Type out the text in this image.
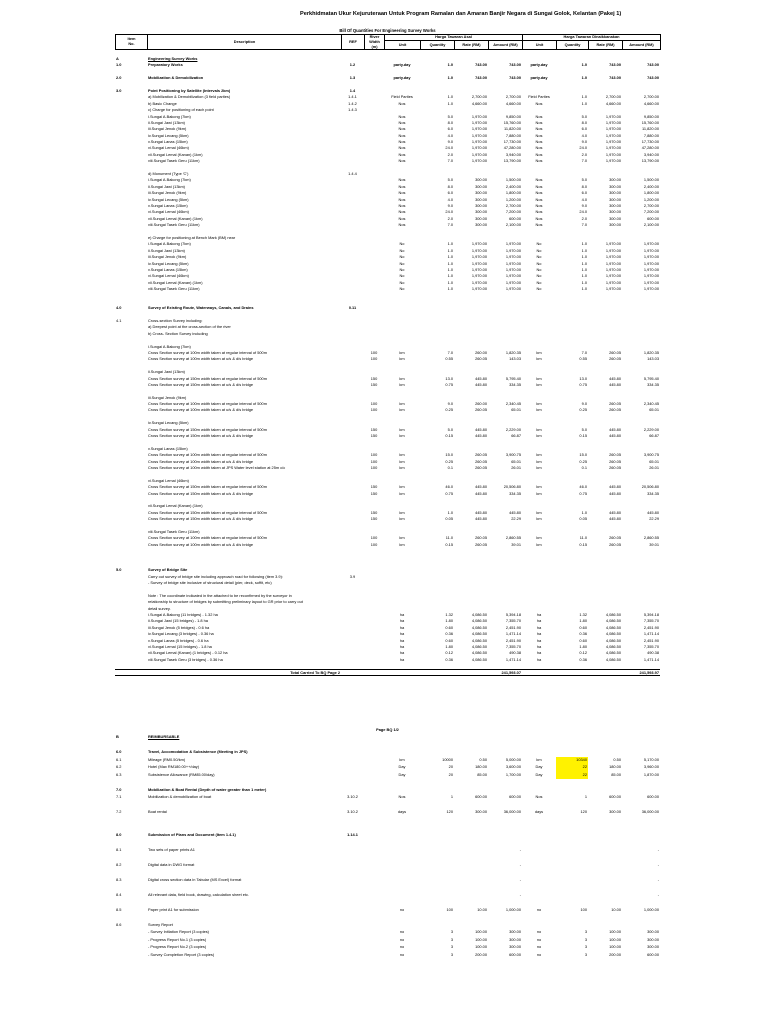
Perkhidmatan Ukur Kejuruteraan Untuk Program Ramalan dan Amaran Banjir Negara di Sungai Golok, Kelantan (Pakej 1)
Bill Of Quantities For Engineering Survey Works
Item
No.	Description	REF	River Width (m)	Harga Tawaran Asal				Harga Tawaran Dinaikkanakan			
				Unit	Quantity	Rate (RM)	Amount (RM)	Unit	Quantity	Rate (RM)	Amount (RM)

A	Engineering Survey Works										
1.0	Preparatory Works	1.2		party.day	1.0	743.00	743.00	party.day	1.0	743.00	743.00

2.0	Mobilization & Demobilization	1.3		party.day	1.0	743.00	743.00	party.day	1.0	743.00	743.00

3.0	Point Positioning by Satellite (Intervals 2km)	1.4									
	a) Mobilization & Demobilization (3 field parties)	1.4.1		Field Parties	1.0	2,700.00	2,700.00	Field Parties	1.0	2,700.00	2,700.00
	b) Basic Change	1.4.2		Nos	1.0	4,660.00	4,660.00	Nos	1.0	4,660.00	4,660.00
	c) Charge for positioning of each point	1.4.3									
	i.Sungai A.Bakong (7km)			Nos	5.0	1,970.00	9,850.00	Nos	5.0	1,970.00	9,850.00
	ii.Sungai Jawi (13km)			Nos	8.0	1,970.00	15,760.00	Nos	8.0	1,970.00	15,760.00
	iii.Sungai Jenok (9km)			Nos	6.0	1,970.00	11,820.00	Nos	6.0	1,970.00	11,820.00
	iv.Sungai Lecang (5km)			Nos	4.0	1,970.00	7,880.00	Nos	4.0	1,970.00	7,880.00
	v.Sungai Lanas (15km)			Nos	9.0	1,970.00	17,730.00	Nos	9.0	1,970.00	17,730.00
	vi.Sungai Lemal (46km)			Nos	24.0	1,970.00	47,280.00	Nos	24.0	1,970.00	47,280.00
	vii.Sungai Lemal (Kanan) (1km)			Nos	2.0	1,970.00	3,940.00	Nos	2.0	1,970.00	3,940.00
	viii.Sungai Tasek Geru (11km)			Nos	7.0	1,970.00	13,790.00	Nos	7.0	1,970.00	13,790.00

	d) Monument (Type 'C')	1.4.4									
	i.Sungai A.Bakong (7km)			Nos	5.0	300.00	1,500.00	Nos	5.0	300.00	1,500.00
	ii.Sungai Jawi (13km)			Nos	8.0	300.00	2,400.00	Nos	8.0	300.00	2,400.00
	iii.Sungai Jenok (9km)			Nos	6.0	300.00	1,800.00	Nos	6.0	300.00	1,800.00
	iv.Sungai Lecang (5km)			Nos	4.0	300.00	1,200.00	Nos	4.0	300.00	1,200.00
	v.Sungai Lanas (15km)			Nos	9.0	300.00	2,700.00	Nos	9.0	300.00	2,700.00
	vi.Sungai Lemal (46km)			Nos	24.0	300.00	7,200.00	Nos	24.0	300.00	7,200.00
	vii.Sungai Lemal (Kanan) (1km)			Nos	2.0	300.00	600.00	Nos	2.0	300.00	600.00
	viii.Sungai Tasek Geru (11km)			Nos	7.0	300.00	2,100.00	Nos	7.0	300.00	2,100.00

	e) Charge for positioning at Bench Mark (BM) near										
	i.Sungai A.Bakong (7km)			No	1.0	1,970.00	1,970.00	No	1.0	1,970.00	1,970.00
	ii.Sungai Jawi (13km)			No	1.0	1,970.00	1,970.00	No	1.0	1,970.00	1,970.00
	iii.Sungai Jenok (9km)			No	1.0	1,970.00	1,970.00	No	1.0	1,970.00	1,970.00
	iv.Sungai Lecang (5km)			No	1.0	1,970.00	1,970.00	No	1.0	1,970.00	1,970.00
	v.Sungai Lanas (15km)			No	1.0	1,970.00	1,970.00	No	1.0	1,970.00	1,970.00
	vi.Sungai Lemal (46km)			No	1.0	1,970.00	1,970.00	No	1.0	1,970.00	1,970.00
	vii.Sungai Lemal (Kanan) (1km)			No	1.0	1,970.00	1,970.00	No	1.0	1,970.00	1,970.00
	viii.Sungai Tasek Geru (11km)			No	1.0	1,970.00	1,970.00	No	1.0	1,970.00	1,970.00

4.0	Survey of Existing Route, Waterways, Canals, and Drains	0.11									

4.1	Cross-section Survey including:										
	a) Deepest point at the cross-section of the river										
	b) Cross- Section Survey including										

	i.Sungai A.Bakong (7km)										
	Cross Section survey at 100m width taken at regular interval of 500m		100	km	7.0	260.00	1,820.35	km	7.0	260.05	1,820.35
	Cross Section survey at 100m width taken at u/s & d/s bridge		100	km	0.55	260.05	143.03	km	0.55	260.05	143.03

	ii.Sungai Jawi (13km)										
	Cross Section survey at 150m width taken at regular interval of 500m		150	km	13.0	445.80	5,795.40	km	13.0	445.80	5,795.40
	Cross Section survey at 150m width taken at u/s & d/s bridge		150	km	0.75	445.80	334.35	km	0.75	445.80	334.35

	iii.Sungai Jenok (9km)										
	Cross Section survey at 100m width taken at regular interval of 500m		100	km	9.0	260.00	2,340.45	km	9.0	260.05	2,340.45
	Cross Section survey at 100m width taken at u/s & d/s bridge		100	km	0.25	260.05	65.01	km	0.25	260.05	65.01

	iv.Sungai Lecang (5km)										
	Cross Section survey at 150m width taken at regular interval of 500m		150	km	5.0	445.80	2,229.00	km	5.0	445.80	2,229.00
	Cross Section survey at 150m width taken at u/s & d/s bridge		150	km	0.15	445.80	66.87	km	0.15	445.80	66.87

	v.Sungai Lanas (15km)										
	Cross Section survey at 100m width taken at regular interval of 500m		100	km	15.0	260.05	3,900.75	km	15.0	260.05	3,900.75
	Cross Section survey at 100m width taken at u/s & d/s bridge		100	km	0.25	260.05	65.01	km	0.25	260.05	65.01
	Cross Section survey at 100m width taken at JPS Water level station at 25m c/c		100	km	0.1	260.05	26.01	km	0.1	260.05	26.01

	vi.Sungai Lemal (46km)										
	Cross Section survey at 150m width taken at regular interval of 500m		150	km	46.0	445.80	20,506.80	km	46.0	445.80	20,506.80
	Cross Section survey at 150m width taken at u/s & d/s bridge		150	km	0.75	445.80	334.35	km	0.75	445.80	334.35

	vii.Sungai Lemal (Kanan) (1km)										
	Cross Section survey at 150m width taken at regular interval of 500m		150	km	1.0	445.80	445.80	km	1.0	445.80	445.80
	Cross Section survey at 150m width taken at u/s & d/s bridge		150	km	0.05	445.80	22.29	km	0.05	445.80	22.29

	viii.Sungai Tasek Geru (11km)										
	Cross Section survey at 100m width taken at regular interval of 500m		100	km	11.0	260.05	2,860.55	km	11.0	260.05	2,860.55
	Cross Section survey at 100m width taken at u/s & d/s bridge		100	km	0.15	260.05	39.01	km	0.15	260.05	39.01

5.0	Survey of Bridge Site										
	Carry out survey of bridge site including approach road for following (item 3.9):	3.9									
	- Survey of bridge site inclusive of structural detail (pier, deck, soffit, etc)										

	Note : The coordinate indicated in the attached to be reconfirmed by the surveyor in										
	relationship to structure of bridges by submitting preliminary layout to GR prior to carry out										
	detail survey.										
	i.Sungai A.Bakong (11 bridges) - 1.32 ha			ha	1.32	4,086.50	5,394.18	ha	1.32	4,086.50	5,394.18
	ii.Sungai Jawi (15 bridges) - 1.8 ha			ha	1.80	4,086.50	7,355.70	ha	1.80	4,086.50	7,355.70
	iii.Sungai Jenok (5 bridges) - 0.6 ha			ha	0.60	4,086.50	2,451.90	ha	0.60	4,086.50	2,451.90
	iv.Sungai Lecang (3 bridges) - 0.36 ha			ha	0.36	4,086.50	1,471.14	ha	0.36	4,086.50	1,471.14
	v.Sungai Lanas (5 bridges) - 0.6 ha			ha	0.60	4,086.50	2,451.90	ha	0.60	4,086.50	2,451.90
	vi.Sungai Lemal (15 bridges) - 1.8 ha			ha	1.80	4,086.50	7,355.70	ha	1.80	4,086.50	7,355.70
	vii.Sungai Lemal (Kanan) (1 bridges) - 0.12 ha			ha	0.12	4,086.50	490.38	ha	0.12	4,086.50	490.38
	viii.Sungai Tasek Geru (3 bridges) - 0.36 ha			ha	0.36	4,086.50	1,471.14	ha	0.36	4,086.50	1,471.14

	Total Carried To BQ Page 2						241,593.07				241,593.97
Page BQ 1/2
B	REIMBURSABLE										

6.0	Travel, Accomodation & Subsistence (Meeting in JPS)										
6.1	Mileage (RM0.50/km)			km	10000	0.50	5,000.00	km	10340	0.50	5,170.00
6.2	Hotel (Max RM180.00++/day)			Day	20	180.00	3,600.00	Day	22	180.00	3,960.00
6.3	Subsistence Allowance (RM85.00/day)			Day	20	85.00	1,700.00	Day	22	85.00	1,870.00

7.0	Mobilization & Boat Rental (Depth of water greater than 1 meter)										
7.1	Mobilization & demobilization of boat	3.10.2		Nos	1	600.00	600.00	Nos	1	600.00	600.00

7.2	Boat rental	3.10.2		days	120	300.00	36,000.00	days	120	300.00	36,000.00

8.0	Submission of Plans and Document (Item 1.4.1)	1.14.1									

8.1	Two sets of paper prints A1						-				-

8.2	Digital data in DWG format						-				-

8.3	Digital cross section data in Tabular (MS Excel) format						-				-

8.4	All relevant data, field book, drawing, calculation sheet etc.						-				-

8.5	Paper print A1 for submission			no	100	10.00	1,000.00	no	100	10.00	1,000.00

8.6	Survey Report										
	- Survey Initiation Report (3 copies)			no	3	100.00	300.00	no	3	100.00	300.00
	- Progress Report No.1 (3 copies)			no	3	100.00	300.00	no	3	100.00	300.00
	- Progress Report No.2 (3 copies)			no	3	100.00	300.00	no	3	100.00	300.00
	- Survey Completion Report (3 copies)			no	3	200.00	600.00	no	3	200.00	600.00
